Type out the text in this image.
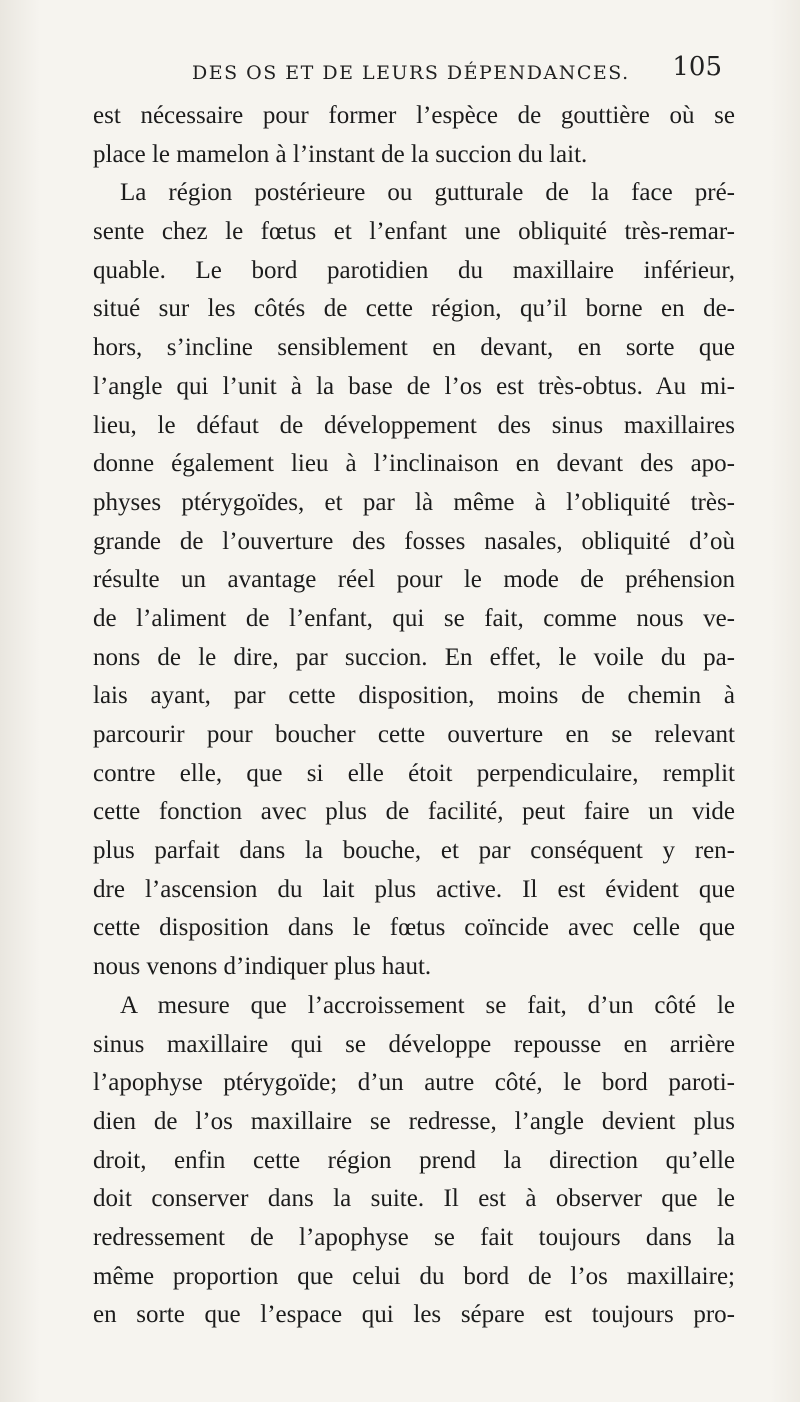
DES OS ET DE LEURS DÉPENDANCES. 105
est nécessaire pour former l’espèce de gouttière où se
place le mamelon à l’instant de la succion du lait.
La région postérieure ou gutturale de la face pré-
sente chez le fœtus et l’enfant une obliquité très-remar-
quable. Le bord parotidien du maxillaire inférieur,
situé sur les côtés de cette région, qu’il borne en de-
hors, s’incline sensiblement en devant, en sorte que
l’angle qui l’unit à la base de l’os est très-obtus. Au mi-
lieu, le défaut de développement des sinus maxillaires
donne également lieu à l’inclinaison en devant des apo-
physes ptérygoïdes, et par là même à l’obliquité très-
grande de l’ouverture des fosses nasales, obliquité d’où
résulte un avantage réel pour le mode de préhension
de l’aliment de l’enfant, qui se fait, comme nous ve-
nons de le dire, par succion. En effet, le voile du pa-
lais ayant, par cette disposition, moins de chemin à
parcourir pour boucher cette ouverture en se relevant
contre elle, que si elle étoit perpendiculaire, remplit
cette fonction avec plus de facilité, peut faire un vide
plus parfait dans la bouche, et par conséquent y ren-
dre l’ascension du lait plus active. Il est évident que
cette disposition dans le fœtus coïncide avec celle que
nous venons d’indiquer plus haut.
A mesure que l’accroissement se fait, d’un côté le
sinus maxillaire qui se développe repousse en arrière
l’apophyse ptérygoïde; d’un autre côté, le bord paroti-
dien de l’os maxillaire se redresse, l’angle devient plus
droit, enfin cette région prend la direction qu’elle
doit conserver dans la suite. Il est à observer que le
redressement de l’apophyse se fait toujours dans la
même proportion que celui du bord de l’os maxillaire;
en sorte que l’espace qui les sépare est toujours pro-
